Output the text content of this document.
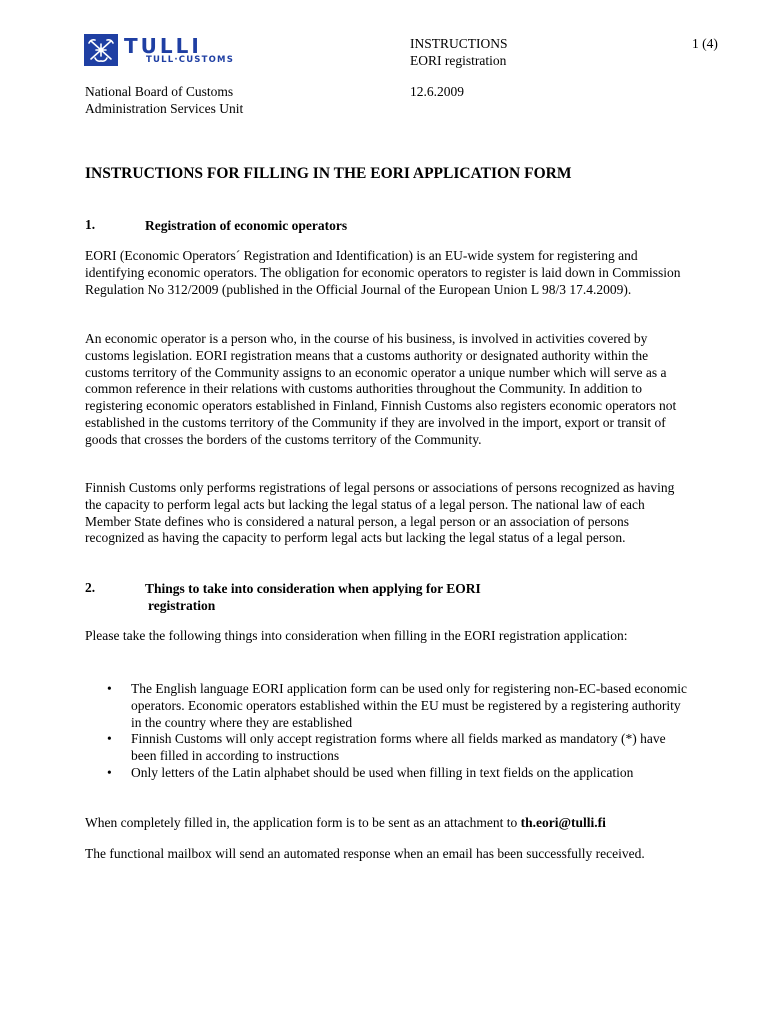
TULLI
TULL·CUSTOMS
INSTRUCTIONS
EORI registration
1 (4)
National Board of Customs
Administration Services Unit
12.6.2009
INSTRUCTIONS FOR FILLING IN THE EORI APPLICATION FORM
1.	Registration of economic operators
EORI (Economic Operators´ Registration and Identification) is an EU-wide system for registering and identifying economic operators. The obligation for economic operators to register is laid down in Commission Regulation No 312/2009 (published in the Official Journal of the European Union L 98/3 17.4.2009).
An economic operator is a person who, in the course of his business, is involved in activities covered by customs legislation. EORI registration means that a customs authority or designated authority within the customs territory of the Community assigns to an economic operator a unique number which will serve as a common reference in their relations with customs authorities throughout the Community. In addition to registering economic operators established in Finland, Finnish Customs also registers economic operators not established in the customs territory of the Community if they are involved in the import, export or transit of goods that crosses the borders of the customs territory of the Community.
Finnish Customs only performs registrations of legal persons or associations of persons recognized as having the capacity to perform legal acts but lacking the legal status of a legal person. The national law of each Member State defines who is considered a natural person, a legal person or an association of persons recognized as having the capacity to perform legal acts but lacking the legal status of a legal person.
2.	Things to take into consideration when applying for EORI
registration
Please take the following things into consideration when filling in the EORI registration application:
• The English language EORI application form can be used only for registering non-EC-based economic operators. Economic operators established within the EU must be registered by a registering authority in the country where they are established
• Finnish Customs will only accept registration forms where all fields marked as mandatory (*) have been filled in according to instructions
• Only letters of the Latin alphabet should be used when filling in text fields on the application
When completely filled in, the application form is to be sent as an attachment to th.eori@tulli.fi
The functional mailbox will send an automated response when an email has been successfully received.
